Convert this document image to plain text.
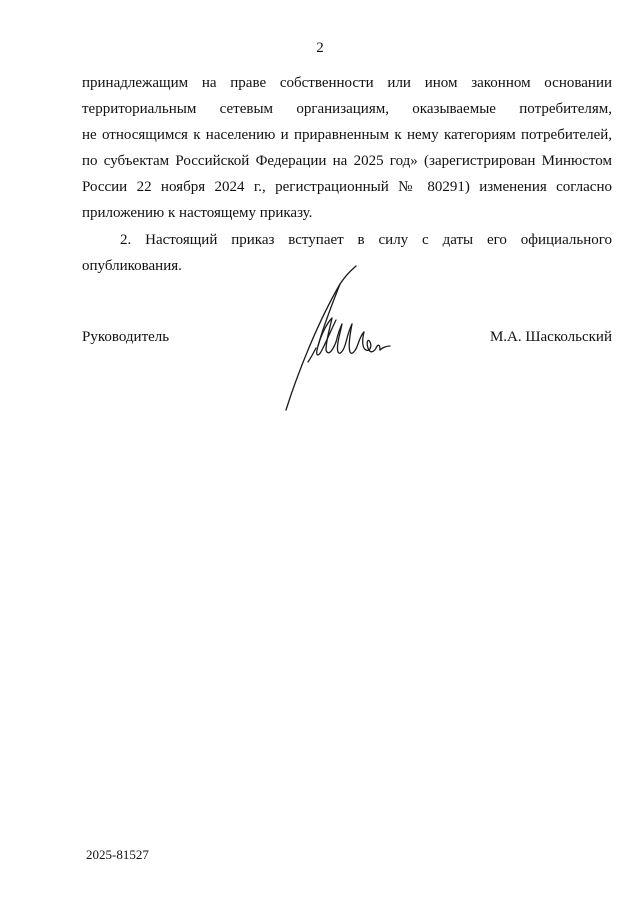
2
принадлежащим на праве собственности или ином законном основании
территориальным сетевым организациям, оказываемые потребителям,
не относящимся к населению и приравненным к нему категориям потребителей,
по субъектам Российской Федерации на 2025 год» (зарегистрирован Минюстом
России 22 ноября 2024 г., регистрационный № 80291) изменения согласно
приложению к настоящему приказу.
2. Настоящий приказ вступает в силу с даты его официального
опубликования.
Руководитель	М.А. Шаскольский
2025-81527
